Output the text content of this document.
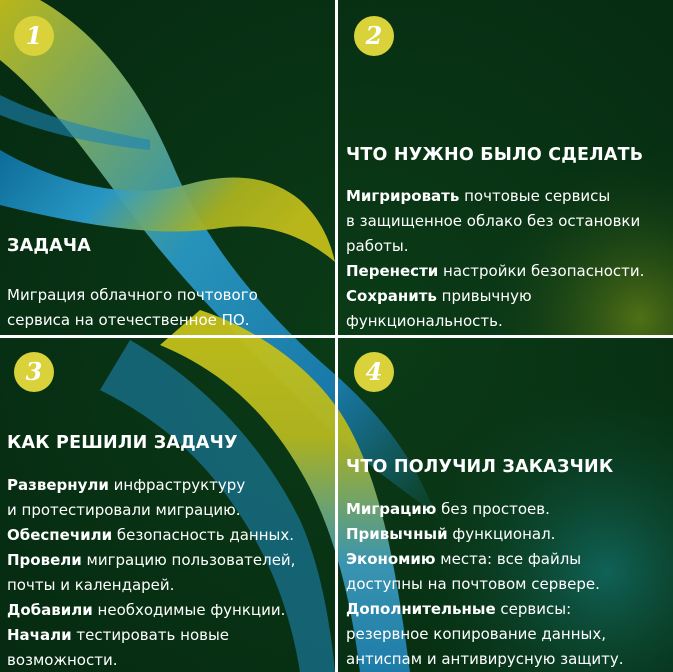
1
ЗАДАЧА
Миграция облачного почтового
сервиса на отечественное ПО.
2
ЧТО НУЖНО БЫЛО СДЕЛАТЬ
Мигрировать почтовые сервисы
в защищенное облако без остановки
работы.
Перенести настройки безопасности.
Сохранить привычную
функциональность.
3
КАК РЕШИЛИ ЗАДАЧУ
Развернули инфраструктуру
и протестировали миграцию.
Обеспечили безопасность данных.
Провели миграцию пользователей,
почты и календарей.
Добавили необходимые функции.
Начали тестировать новые
возможности.
4
ЧТО ПОЛУЧИЛ ЗАКАЗЧИК
Миграцию без простоев.
Привычный функционал.
Экономию места: все файлы
доступны на почтовом сервере.
Дополнительные сервисы:
резервное копирование данных,
антиспам и антивирусную защиту.
